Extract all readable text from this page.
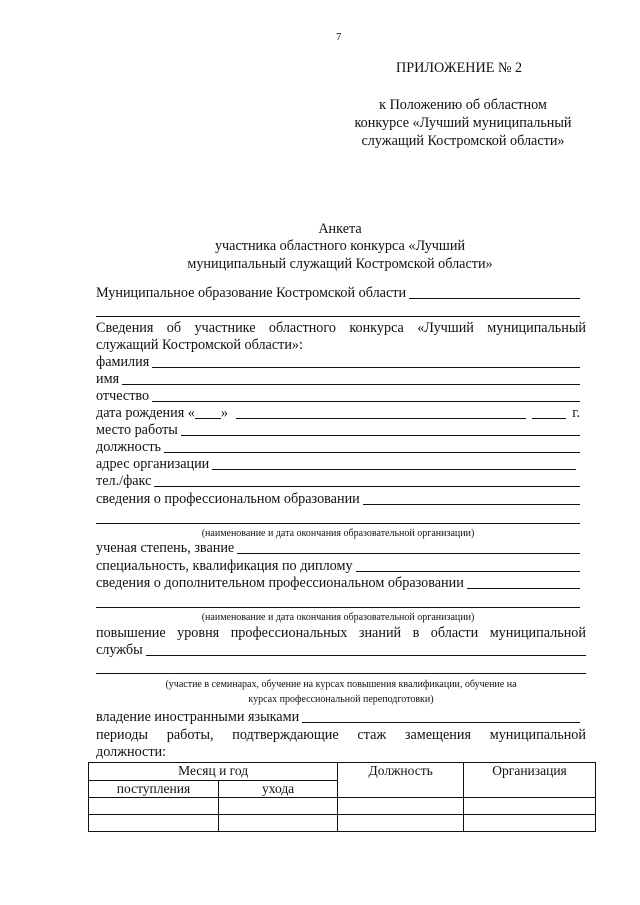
7
ПРИЛОЖЕНИЕ № 2
к Положению об областном
конкурсе «Лучший муниципальный
служащий Костромской области»
Анкета
участника областного конкурса «Лучший
муниципальный служащий Костромской области»
Муниципальное образование Костромской области
Сведения об участнике областного конкурса «Лучший муниципальный
служащий Костромской области»:
фамилия
имя
отчество
дата рождения « »	г.
место работы
должность
адрес организации
тел./факс
сведения о профессиональном образовании
(наименование и дата окончания образовательной организации)
ученая степень, звание
специальность, квалификация по диплому
сведения о дополнительном профессиональном образовании
(наименование и дата окончания образовательной организации)
повышение уровня профессиональных знаний в области муниципальной
службы
(участие в семинарах, обучение на курсах повышения квалификации, обучение на
курсах профессиональной переподготовки)
владение иностранными языками
периоды работы, подтверждающие стаж замещения муниципальной
должности:
Месяц и год		Должность	Организация
поступления	ухода		
